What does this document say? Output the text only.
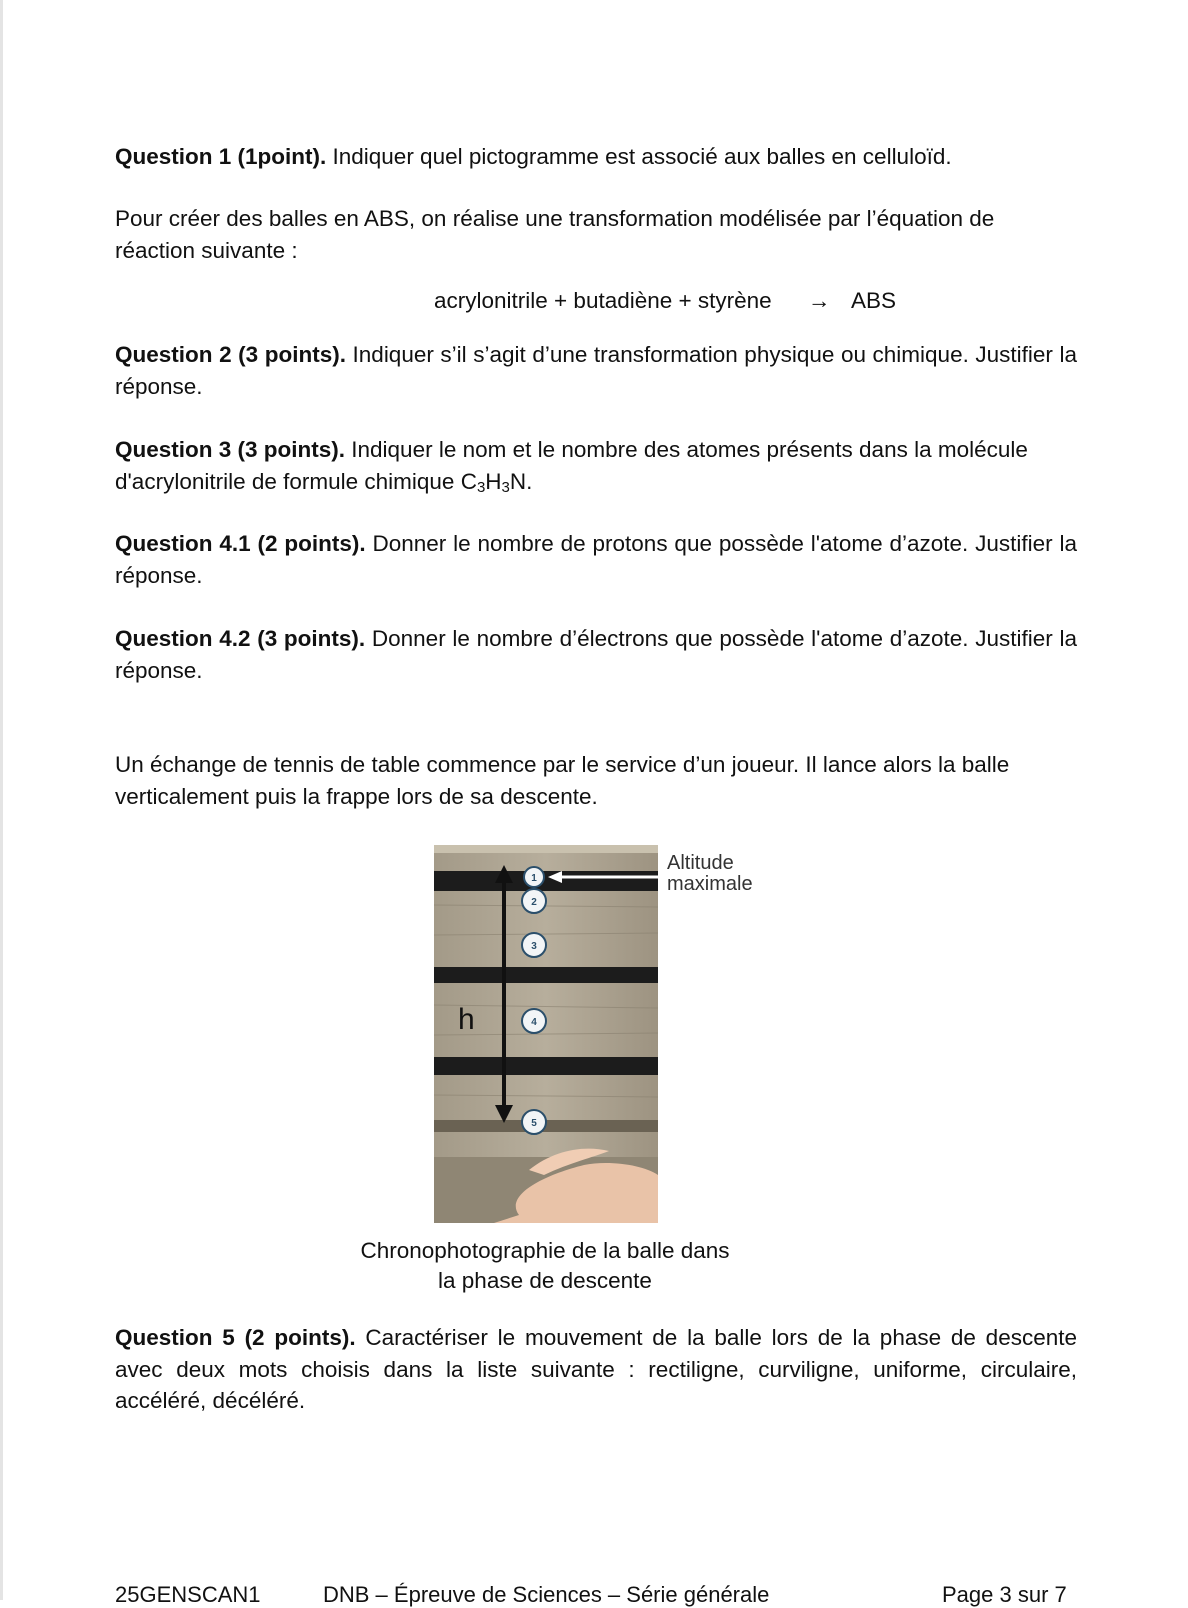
Question 1 (1point). Indiquer quel pictogramme est associé aux balles en celluloïd.

Pour créer des balles en ABS, on réalise une transformation modélisée par l’équation de réaction suivante :

acrylonitrile + butadiène + styrène → ABS

Question 2 (3 points). Indiquer s’il s’agit d’une transformation physique ou chimique. Justifier la réponse.

Question 3 (3 points). Indiquer le nom et le nombre des atomes présents dans la molécule d'acrylonitrile de formule chimique C3H3N.

Question 4.1 (2 points). Donner le nombre de protons que possède l'atome d’azote. Justifier la réponse.

Question 4.2 (3 points). Donner le nombre d’électrons que possède l'atome d’azote. Justifier la réponse.

Un échange de tennis de table commence par le service d’un joueur. Il lance alors la balle verticalement puis la frappe lors de sa descente.

Question 5 (2 points). Caractériser le mouvement de la balle lors de la phase de descente avec deux mots choisis dans la liste suivante : rectiligne, curviligne, uniforme, circulaire, accéléré, décéléré.

h
1
2
3
4
5
Altitude
maximale
Chronophotographie de la balle dans
la phase de descente
25GENSCAN1	DNB – Épreuve de Sciences – Série générale	Page 3 sur 7
